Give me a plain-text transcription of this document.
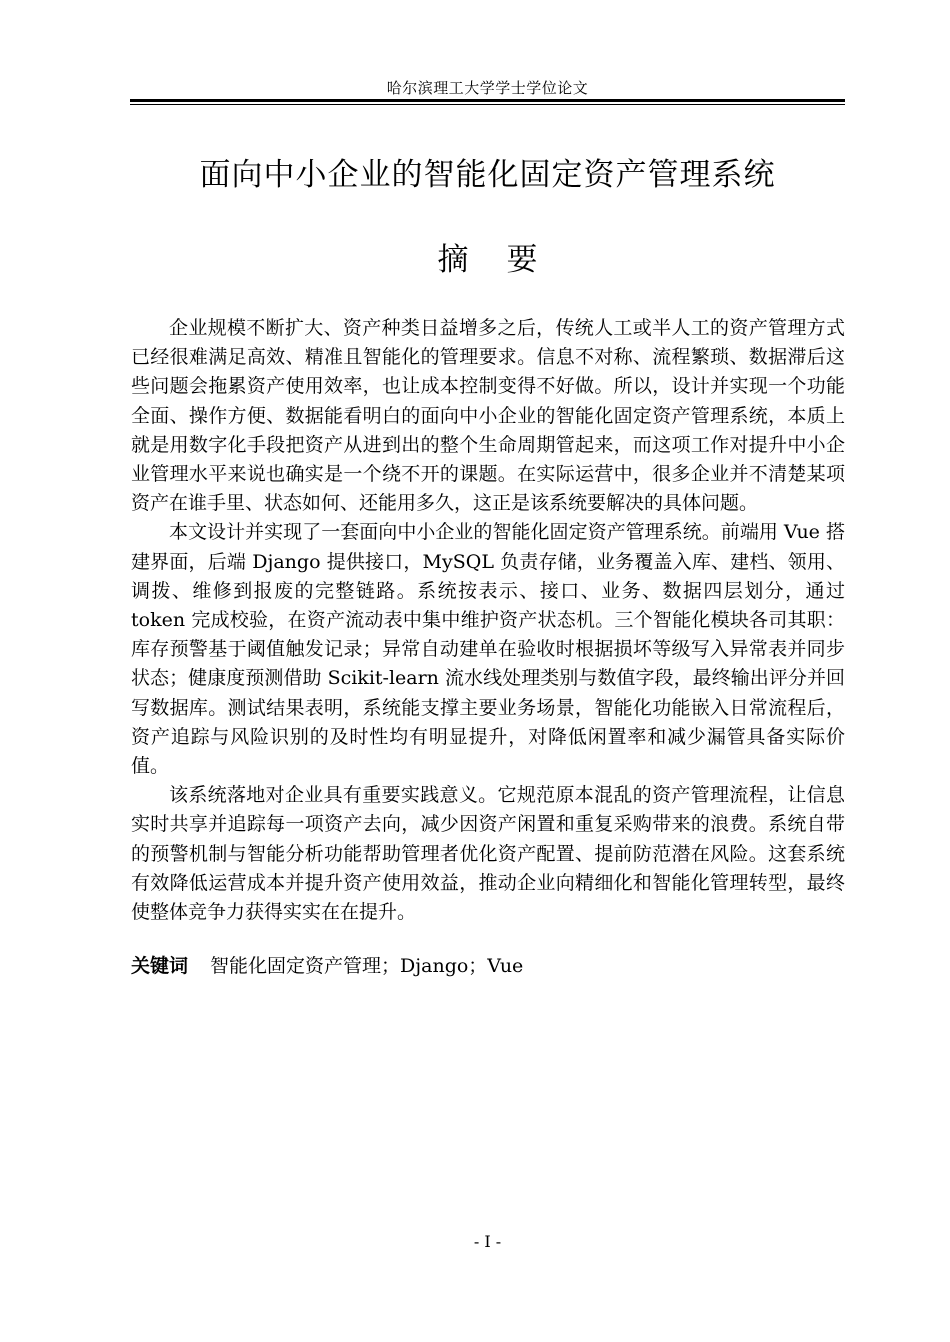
哈尔滨理工大学学士学位论文
面向中小企业的智能化固定资产管理系统
摘要

企业规模不断扩大、资产种类日益增多之后，传统人工或半人工的资产管理方式已经很难满足高效、精准且智能化的管理要求。信息不对称、流程繁琐、数据滞后这些问题会拖累资产使用效率，也让成本控制变得不好做。所以，设计并实现一个功能全面、操作方便、数据能看明白的面向中小企业的智能化固定资产管理系统，本质上就是用数字化手段把资产从进到出的整个生命周期管起来，而这项工作对提升中小企业管理水平来说也确实是一个绕不开的课题。在实际运营中，很多企业并不清楚某项资产在谁手里、状态如何、还能用多久，这正是该系统要解决的具体问题。

本文设计并实现了一套面向中小企业的智能化固定资产管理系统。前端用 Vue 搭建界面，后端 Django 提供接口，MySQL 负责存储，业务覆盖入库、建档、领用、调拨、维修到报废的完整链路。系统按表示、接口、业务、数据四层划分，通过 token 完成校验，在资产流动表中集中维护资产状态机。三个智能化模块各司其职：库存预警基于阈值触发记录；异常自动建单在验收时根据损坏等级写入异常表并同步状态；健康度预测借助 Scikit-learn 流水线处理类别与数值字段，最终输出评分并回写数据库。测试结果表明，系统能支撑主要业务场景，智能化功能嵌入日常流程后，资产追踪与风险识别的及时性均有明显提升，对降低闲置率和减少漏管具备实际价值。

该系统落地对企业具有重要实践意义。它规范原本混乱的资产管理流程，让信息实时共享并追踪每一项资产去向，减少因资产闲置和重复采购带来的浪费。系统自带的预警机制与智能分析功能帮助管理者优化资产配置、提前防范潜在风险。这套系统有效降低运营成本并提升资产使用效益，推动企业向精细化和智能化管理转型，最终使整体竞争力获得实实在在提升。

关键词 智能化固定资产管理；Django；Vue
- I -
